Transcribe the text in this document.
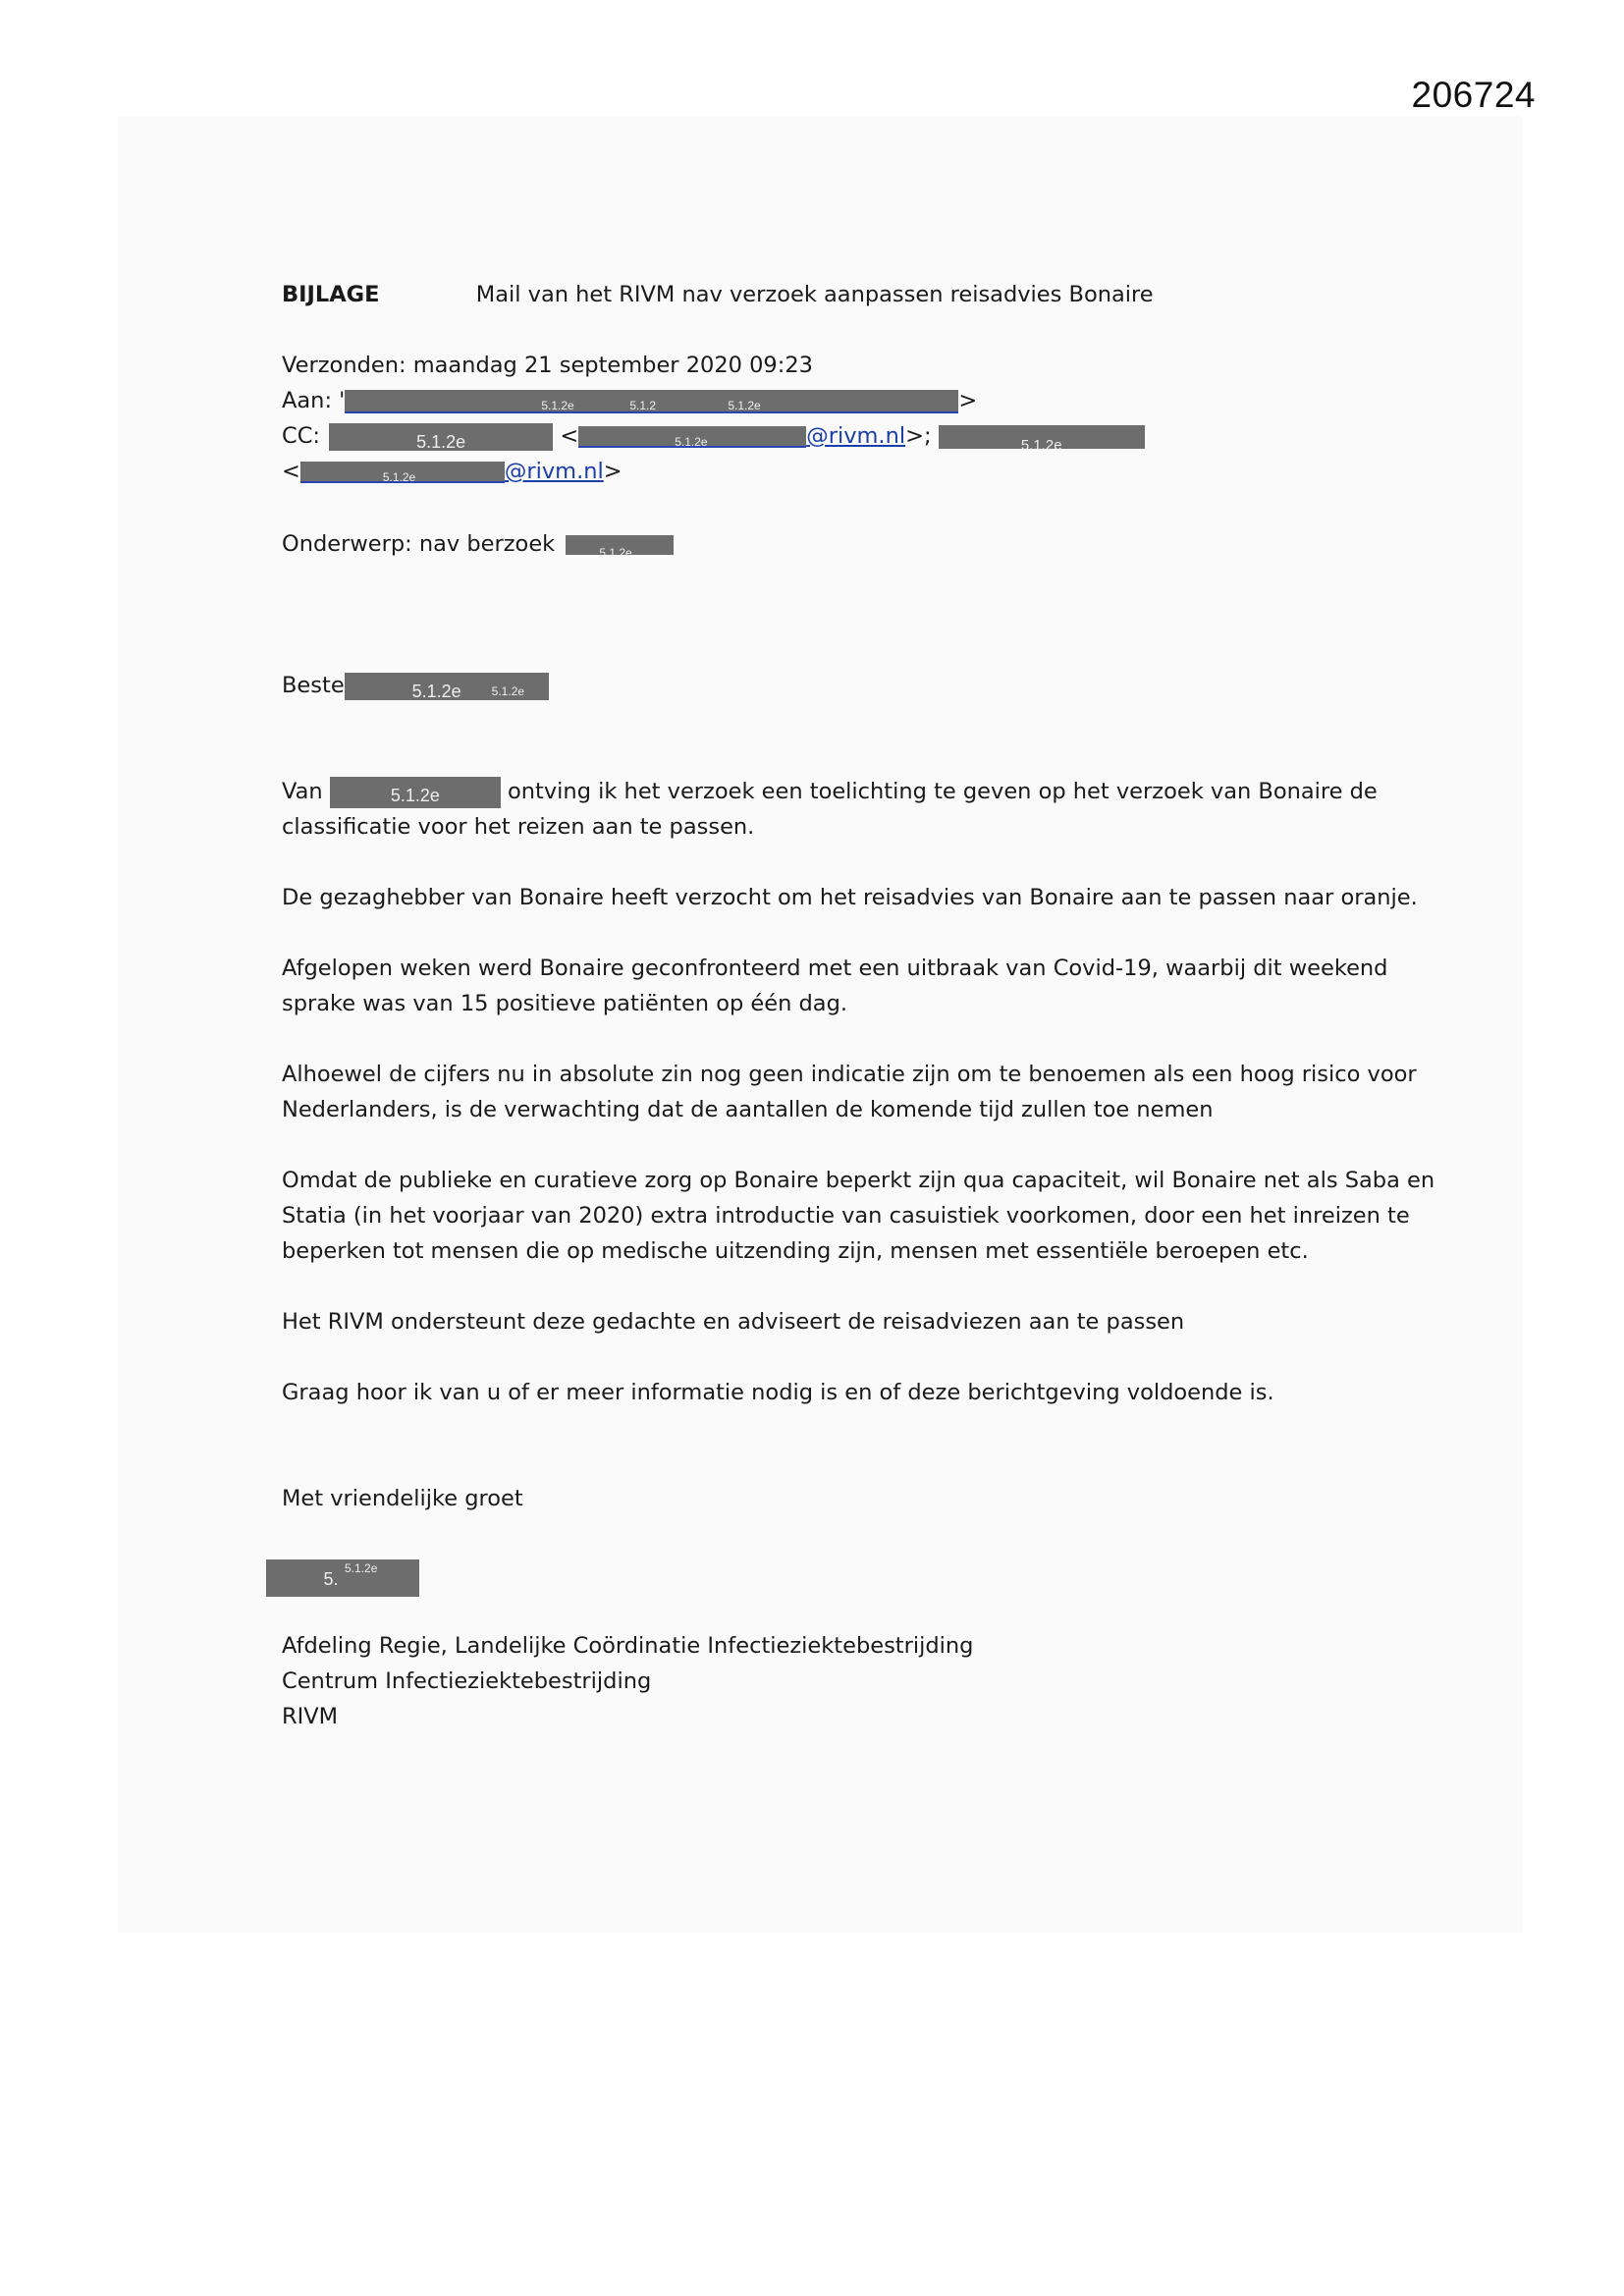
206724
BIJLAGE	Mail van het RIVM nav verzoek aanpassen reisadvies Bonaire
Verzonden: maandag 21 september 2020 09:23
Aan: '	5.1.2e	5.1.2	5.1.2e	>
CC:	5.1.2e	<	5.1.2e	@rivm.nl>;	5.1.2e
<	5.1.2e	@rivm.nl>
Onderwerp: nav berzoek	5.1.2e
Beste	5.1.2e	5.1.2e
Van	5.1.2e	ontving ik het verzoek een toelichting te geven op het verzoek van Bonaire de
classificatie voor het reizen aan te passen.
De gezaghebber van Bonaire heeft verzocht om het reisadvies van Bonaire aan te passen naar oranje.
Afgelopen weken werd Bonaire geconfronteerd met een uitbraak van Covid-19, waarbij dit weekend
sprake was van 15 positieve patiënten op één dag.
Alhoewel de cijfers nu in absolute zin nog geen indicatie zijn om te benoemen als een hoog risico voor
Nederlanders, is de verwachting dat de aantallen de komende tijd zullen toe nemen
Omdat de publieke en curatieve zorg op Bonaire beperkt zijn qua capaciteit, wil Bonaire net als Saba en
Statia (in het voorjaar van 2020) extra introductie van casuistiek voorkomen, door een het inreizen te
beperken tot mensen die op medische uitzending zijn, mensen met essentiële beroepen etc.
Het RIVM ondersteunt deze gedachte en adviseert de reisadviezen aan te passen
Graag hoor ik van u of er meer informatie nodig is en of deze berichtgeving voldoende is.
Met vriendelijke groet
5.
5.1.2e
Afdeling Regie, Landelijke Coördinatie Infectieziektebestrijding
Centrum Infectieziektebestrijding
RIVM
